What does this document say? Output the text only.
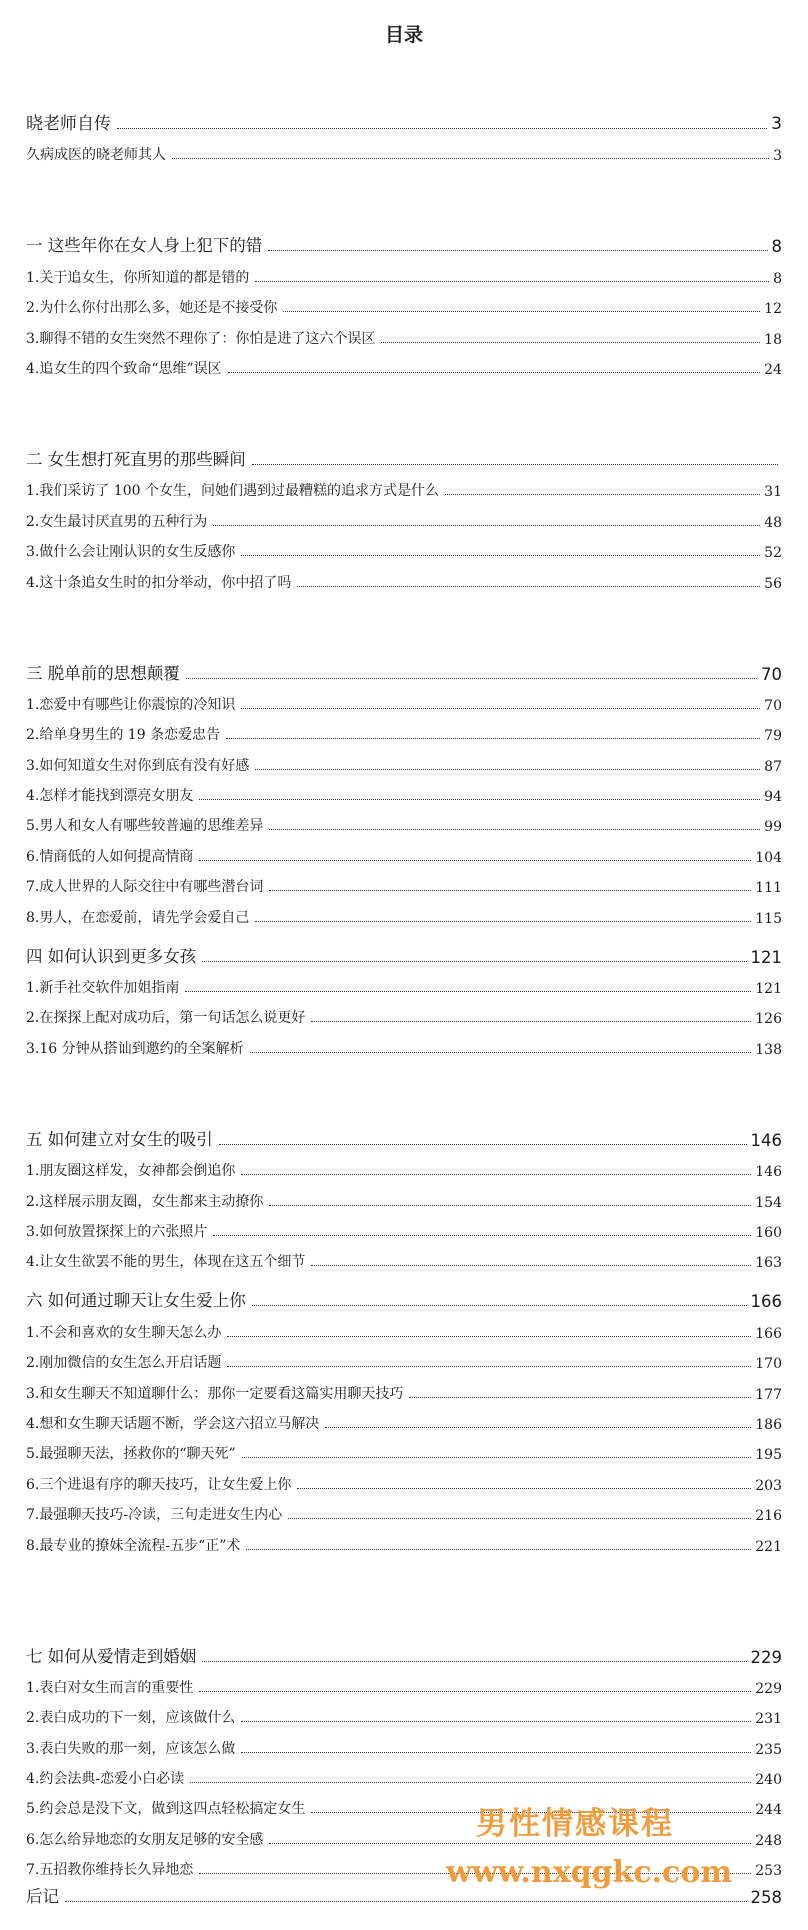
目录
晓老师自传	3
久病成医的晓老师其人	3
一 这些年你在女人身上犯下的错	8
1.关于追女生，你所知道的都是错的	8
2.为什么你付出那么多，她还是不接受你	12
3.聊得不错的女生突然不理你了：你怕是进了这六个误区	18
4.追女生的四个致命“思维”误区	24
二 女生想打死直男的那些瞬间
1.我们采访了 100 个女生，问她们遇到过最糟糕的追求方式是什么	31
2.女生最讨厌直男的五种行为	48
3.做什么会让刚认识的女生反感你	52
4.这十条追女生时的扣分举动，你中招了吗	56
三 脱单前的思想颠覆	70
1.恋爱中有哪些让你震惊的冷知识	70
2.给单身男生的 19 条恋爱忠告	79
3.如何知道女生对你到底有没有好感	87
4.怎样才能找到漂亮女朋友	94
5.男人和女人有哪些较普遍的思维差异	99
6.情商低的人如何提高情商	104
7.成人世界的人际交往中有哪些潜台词	111
8.男人，在恋爱前，请先学会爱自己	115
四 如何认识到更多女孩	121
1.新手社交软件加姐指南	121
2.在探探上配对成功后，第一句话怎么说更好	126
3.16 分钟从搭讪到邀约的全案解析	138
五 如何建立对女生的吸引	146
1.朋友圈这样发，女神都会倒追你	146
2.这样展示朋友圈，女生都来主动撩你	154
3.如何放置探探上的六张照片	160
4.让女生欲罢不能的男生，体现在这五个细节	163
六 如何通过聊天让女生爱上你	166
1.不会和喜欢的女生聊天怎么办	166
2.刚加微信的女生怎么开启话题	170
3.和女生聊天不知道聊什么：那你一定要看这篇实用聊天技巧	177
4.想和女生聊天话题不断，学会这六招立马解决	186
5.最强聊天法，拯救你的“聊天死”	195
6.三个进退有序的聊天技巧，让女生爱上你	203
7.最强聊天技巧-冷读，三句走进女生内心	216
8.最专业的撩妹全流程-五步“正”术	221
七 如何从爱情走到婚姻	229
1.表白对女生而言的重要性	229
2.表白成功的下一刻，应该做什么	231
3.表白失败的那一刻，应该怎么做	235
4.约会法典-恋爱小白必读	240
5.约会总是没下文，做到这四点轻松搞定女生	244
6.怎么给异地恋的女朋友足够的安全感	248
7.五招教你维持长久异地恋	253
后记	258
男性情感课程
www.nxqgkc.com
